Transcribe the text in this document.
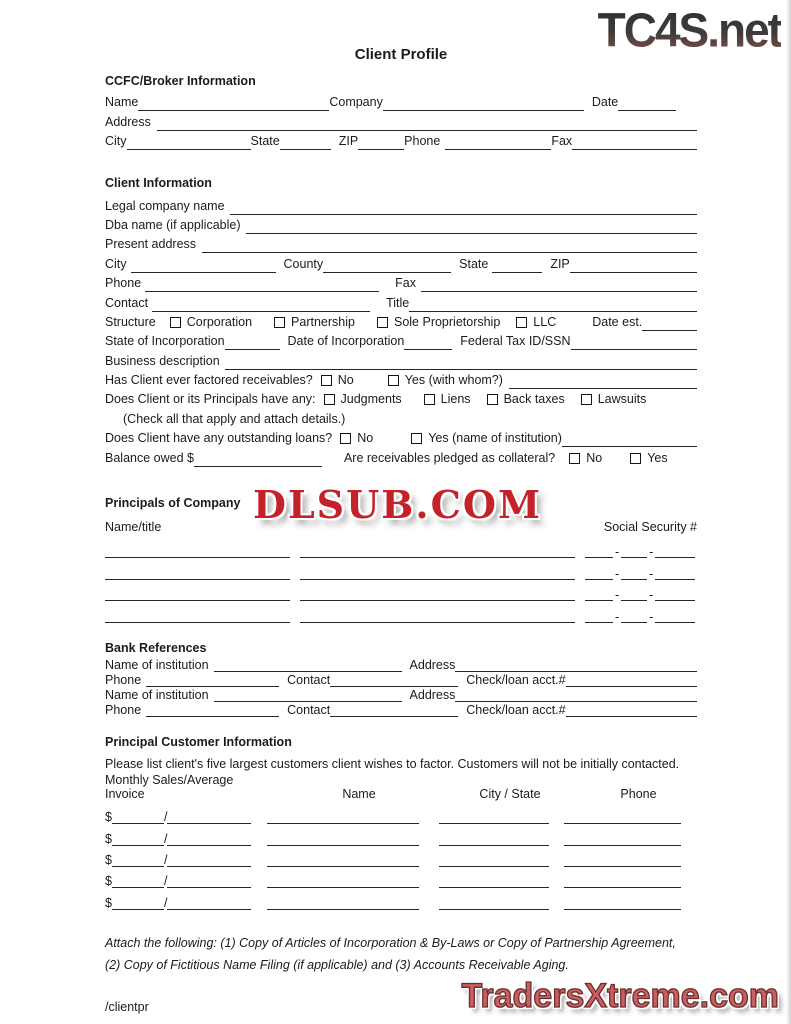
TC4S.net
DLSUB.COM
TradersXtreme.com
Client Profile
CCFC/Broker Information
Name	Company	Date
Address
City	State	ZIP	Phone	Fax
Client Information
Legal company name
Dba name (if applicable)
Present address
City	County	State	ZIP
Phone	Fax
Contact	Title
Structure Corporation	Partnership	Sole Proprietorship	LLC	Date est.
State of Incorporation	Date of Incorporation	Federal Tax ID/SSN
Business description
Has Client ever factored receivables? No	Yes (with whom?)
Does Client or its Principals have any: Judgments	Liens	Back taxes	Lawsuits
(Check all that apply and attach details.)
Does Client have any outstanding loans? No	Yes (name of institution)
Balance owed $	Are receivables pledged as collateral? No	Yes
Principals of Company
Name/title	Social Security #
- -
- -
- -
- -
Bank References
Name of institution	Address
Phone	Contact	Check/loan acct.#
Name of institution	Address
Phone	Contact	Check/loan acct.#
Principal Customer Information
Please list client's five largest customers client wishes to factor. Customers will not be initially contacted.
Monthly Sales/Average Invoice	Name	City / State	Phone
$	/
$	/
$	/
$	/
$	/
Attach the following: (1) Copy of Articles of Incorporation & By-Laws or Copy of Partnership Agreement,
(2) Copy of Fictitious Name Filing (if applicable) and (3) Accounts Receivable Aging.
/clientpr
